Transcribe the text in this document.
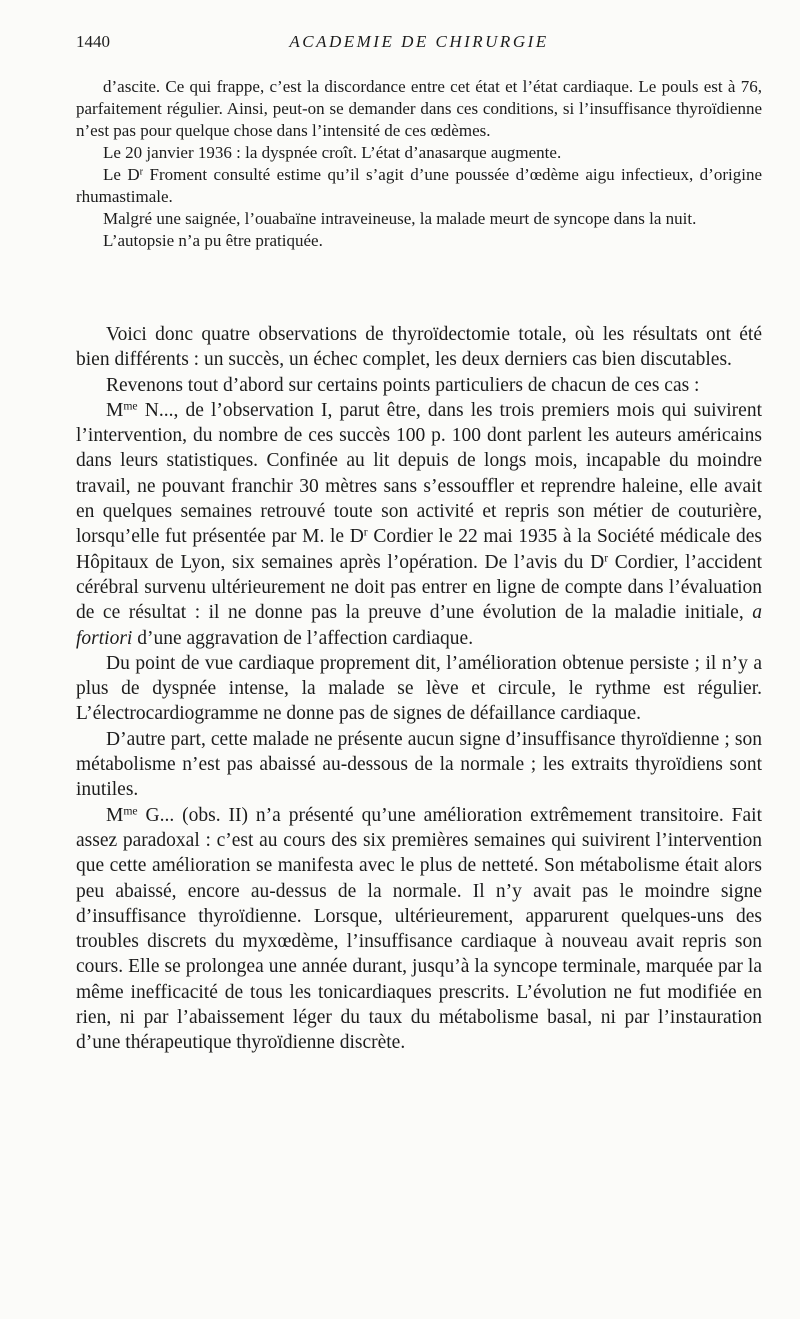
1440	ACADEMIE DE CHIRURGIE

d’ascite. Ce qui frappe, c’est la discordance entre cet état et l’état cardiaque. Le pouls est à 76, parfaitement régulier. Ainsi, peut-on se demander dans ces conditions, si l’insuffisance thyroïdienne n’est pas pour quelque chose dans l’intensité de ces œdèmes.

Le 20 janvier 1936 : la dyspnée croît. L’état d’anasarque augmente.

Le $D^r$ Froment consulté estime qu’il s’agit d’une poussée d’œdème aigu infectieux, d’origine rhumastimale.

Malgré une saignée, l’ouabaïne intraveineuse, la malade meurt de syncope dans la nuit.

L’autopsie n’a pu être pratiquée.

Voici donc quatre observations de thyroïdectomie totale, où les résultats ont été bien différents : un succès, un échec complet, les deux derniers cas bien discutables.

Revenons tout d’abord sur certains points particuliers de chacun de ces cas :

$M^{me}$ N..., de l’observation I, parut être, dans les trois premiers mois qui suivirent l’intervention, du nombre de ces succès 100 p. 100 dont parlent les auteurs américains dans leurs statistiques. Confinée au lit depuis de longs mois, incapable du moindre travail, ne pouvant franchir 30 mètres sans s’essouffler et reprendre haleine, elle avait en quelques semaines retrouvé toute son activité et repris son métier de couturière, lorsqu’elle fut présentée par M. le $D^r$ Cordier le 22 mai 1935 à la Société médicale des Hôpitaux de Lyon, six semaines après l’opération. De l’avis du $D^r$ Cordier, l’accident cérébral survenu ultérieurement ne doit pas entrer en ligne de compte dans l’évaluation de ce résultat : il ne donne pas la preuve d’une évolution de la maladie initiale, a fortiori d’une aggravation de l’affection cardiaque.

Du point de vue cardiaque proprement dit, l’amélioration obtenue persiste ; il n’y a plus de dyspnée intense, la malade se lève et circule, le rythme est régulier. L’électrocardiogramme ne donne pas de signes de défaillance cardiaque.

D’autre part, cette malade ne présente aucun signe d’insuffisance thyroïdienne ; son métabolisme n’est pas abaissé au-dessous de la normale ; les extraits thyroïdiens sont inutiles.

$M^{me}$ G... (obs. II) n’a présenté qu’une amélioration extrêmement transitoire. Fait assez paradoxal : c’est au cours des six premières semaines qui suivirent l’intervention que cette amélioration se manifesta avec le plus de netteté. Son métabolisme était alors peu abaissé, encore au-dessus de la normale. Il n’y avait pas le moindre signe d’insuffisance thyroïdienne. Lorsque, ultérieurement, apparurent quelques-uns des troubles discrets du myxœdème, l’insuffisance cardiaque à nouveau avait repris son cours. Elle se prolongea une année durant, jusqu’à la syncope terminale, marquée par la même inefficacité de tous les tonicardiaques prescrits. L’évolution ne fut modifiée en rien, ni par l’abaissement léger du taux du métabolisme basal, ni par l’instauration d’une thérapeutique thyroïdienne discrète.
